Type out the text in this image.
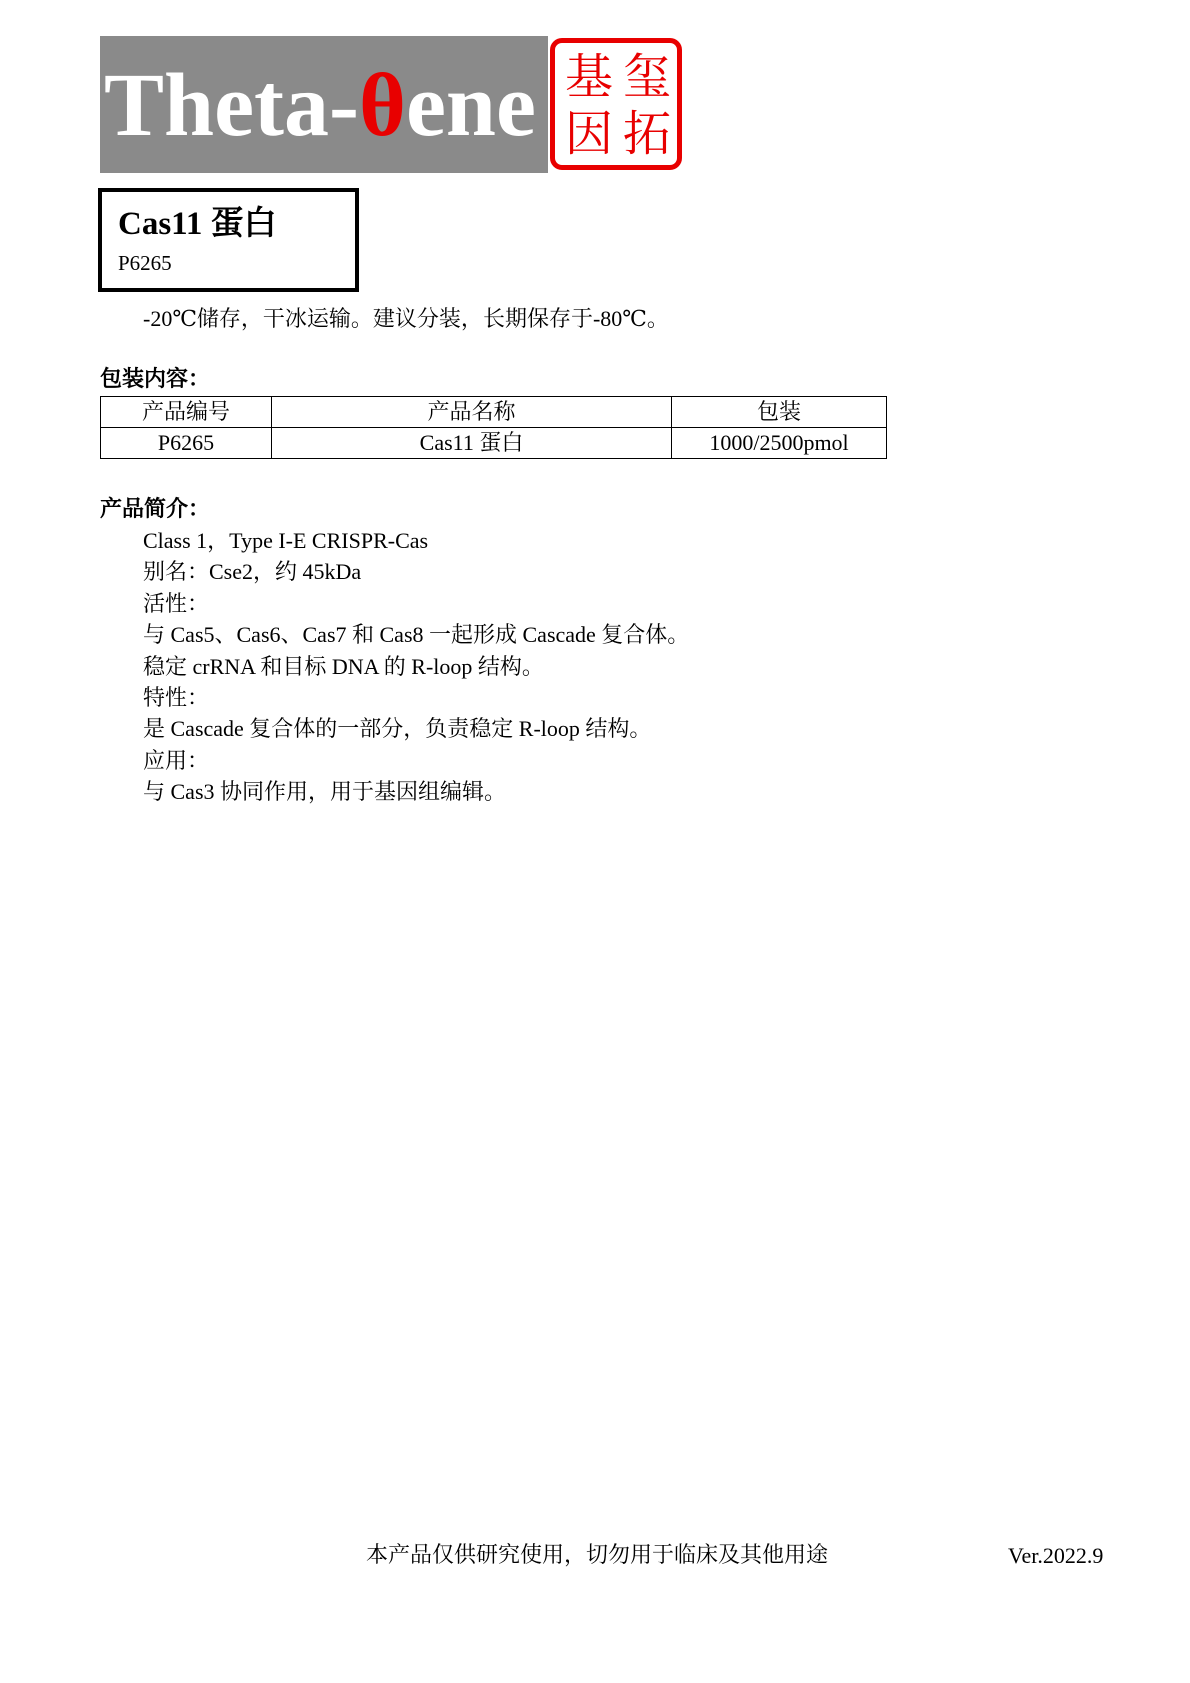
Theta-θene 基 玺
因 拓
Cas11 蛋白
P6265
-20℃储存，干冰运输。建议分装，长期保存于-80℃。
包装内容：
产品编号	产品名称	包装
P6265	Cas11 蛋白	1000/2500pmol
产品简介：
Class 1，Type I-E CRISPR-Cas
别名：Cse2，约 45kDa
活性：
与 Cas5、Cas6、Cas7 和 Cas8 一起形成 Cascade 复合体。
稳定 crRNA 和目标 DNA 的 R-loop 结构。
特性：
是 Cascade 复合体的一部分，负责稳定 R-loop 结构。
应用：
与 Cas3 协同作用，用于基因组编辑。
本产品仅供研究使用，切勿用于临床及其他用途	Ver.2022.9
